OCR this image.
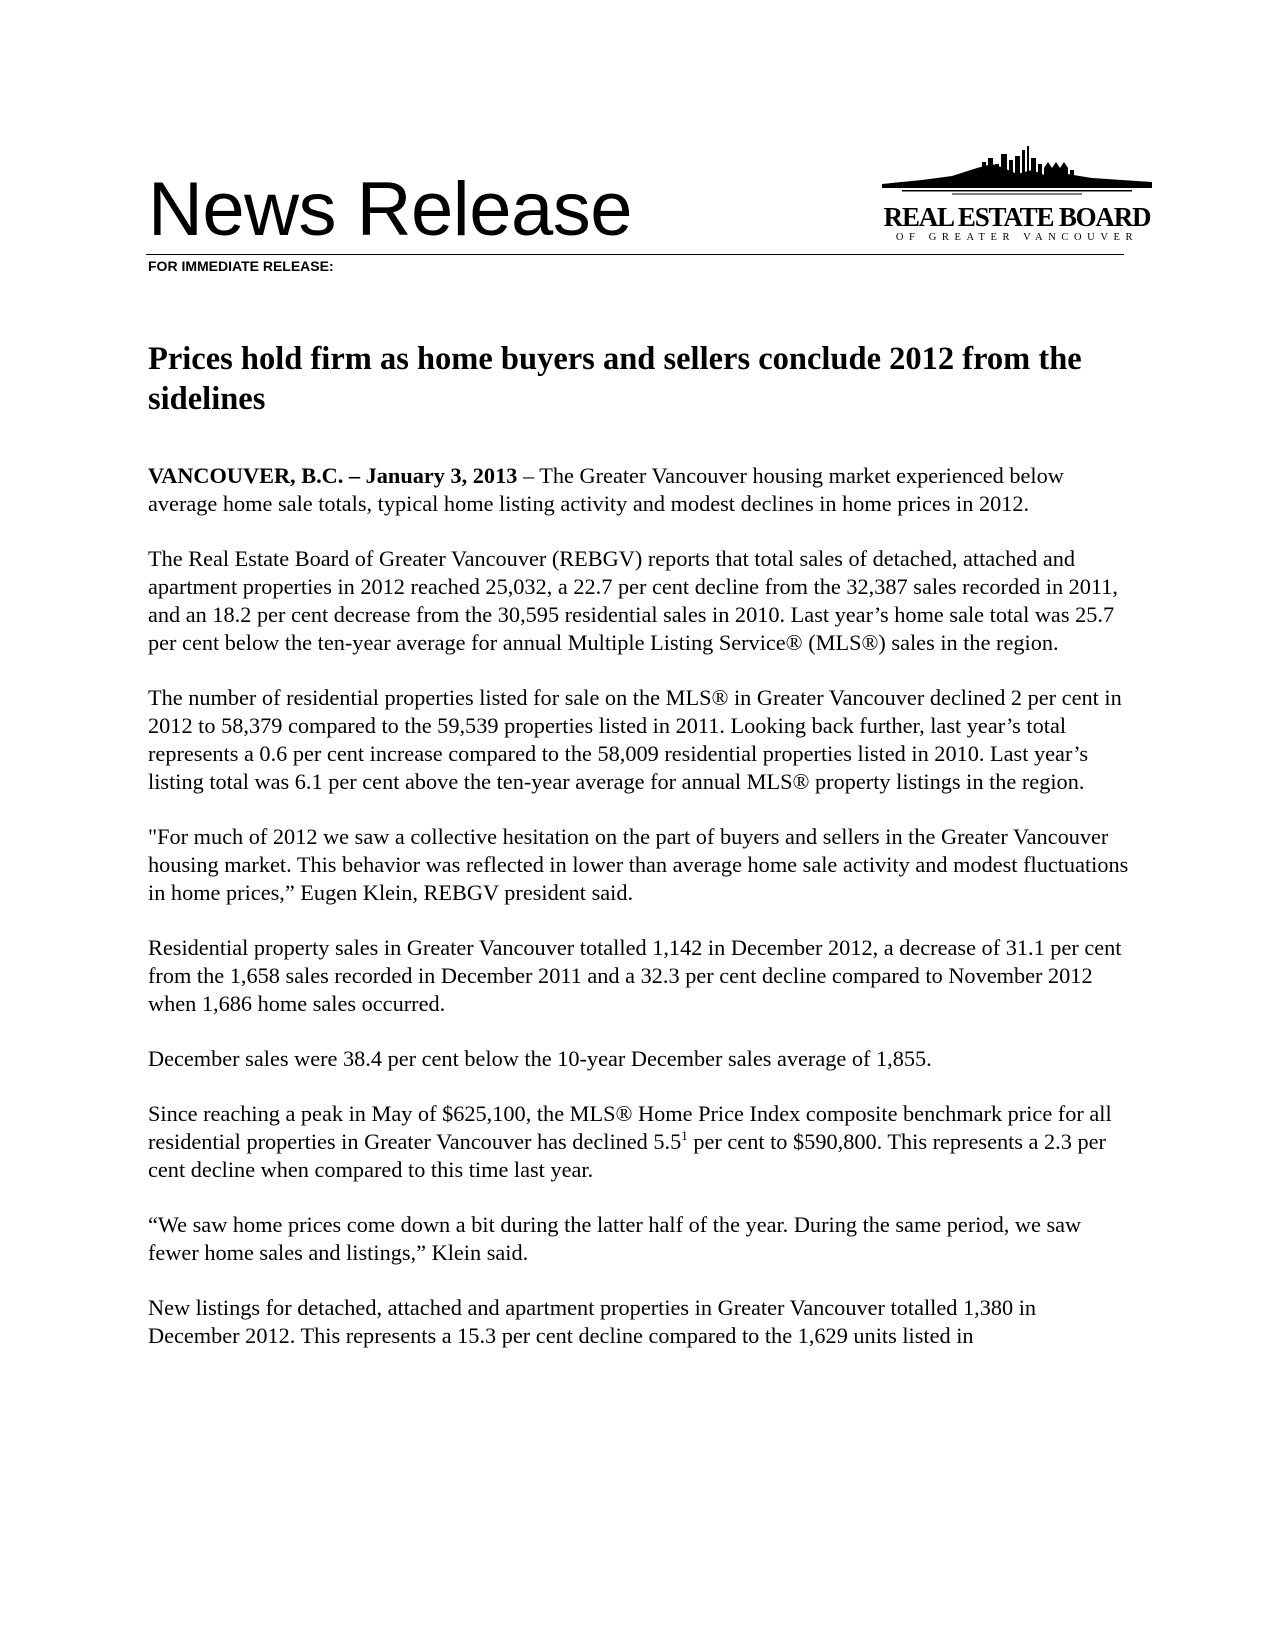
News Release	REAL ESTATE BOARD
OF GREATER VANCOUVER
FOR IMMEDIATE RELEASE:
Prices hold firm as home buyers and sellers conclude 2012 from the sidelines

VANCOUVER, B.C. – January 3, 2013 – The Greater Vancouver housing market experienced below average home sale totals, typical home listing activity and modest declines in home prices in 2012.

The Real Estate Board of Greater Vancouver (REBGV) reports that total sales of detached, attached and apartment properties in 2012 reached 25,032, a 22.7 per cent decline from the 32,387 sales recorded in 2011, and an 18.2 per cent decrease from the 30,595 residential sales in 2010. Last year’s home sale total was 25.7 per cent below the ten-year average for annual Multiple Listing Service® (MLS®) sales in the region.

The number of residential properties listed for sale on the MLS® in Greater Vancouver declined 2 per cent in 2012 to 58,379 compared to the 59,539 properties listed in 2011. Looking back further, last year’s total represents a 0.6 per cent increase compared to the 58,009 residential properties listed in 2010. Last year’s listing total was 6.1 per cent above the ten-year average for annual MLS® property listings in the region.

"For much of 2012 we saw a collective hesitation on the part of buyers and sellers in the Greater Vancouver housing market. This behavior was reflected in lower than average home sale activity and modest fluctuations in home prices,” Eugen Klein, REBGV president said.

Residential property sales in Greater Vancouver totalled 1,142 in December 2012, a decrease of 31.1 per cent from the 1,658 sales recorded in December 2011 and a 32.3 per cent decline compared to November 2012 when 1,686 home sales occurred.

December sales were 38.4 per cent below the 10-year December sales average of 1,855.

Since reaching a peak in May of $625,100, the MLS® Home Price Index composite benchmark price for all residential properties in Greater Vancouver has declined $5.5^1$ per cent to $590,800. This represents a 2.3 per cent decline when compared to this time last year.

“We saw home prices come down a bit during the latter half of the year. During the same period, we saw fewer home sales and listings,” Klein said.

New listings for detached, attached and apartment properties in Greater Vancouver totalled 1,380 in December 2012. This represents a 15.3 per cent decline compared to the 1,629 units listed in
